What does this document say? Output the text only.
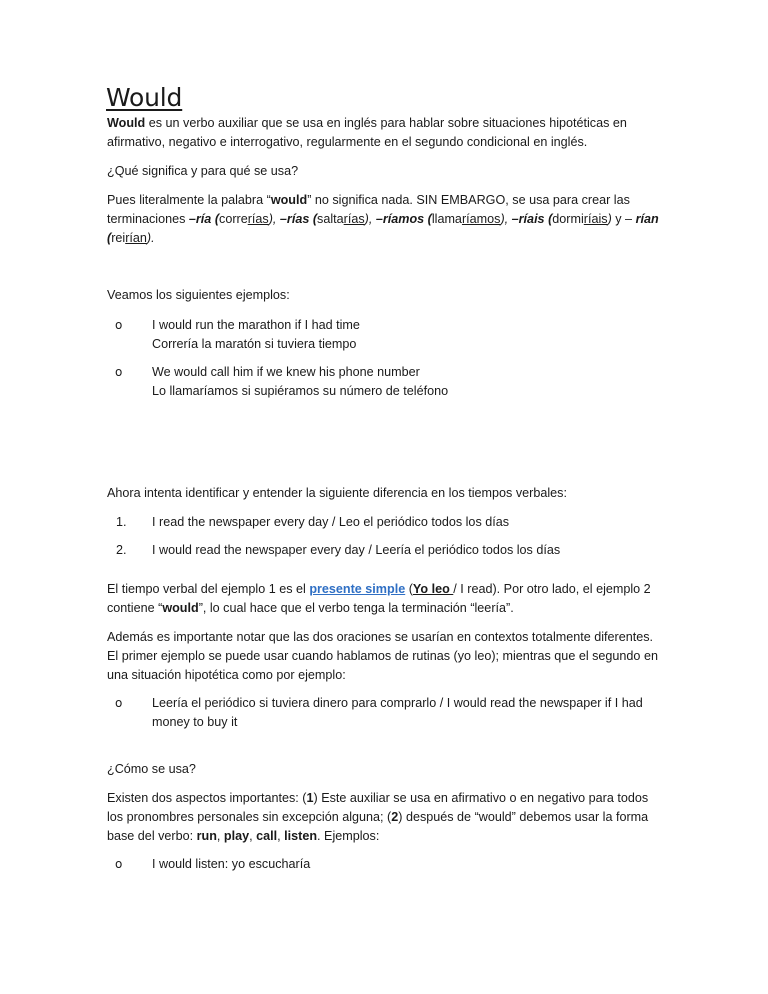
Would

Would es un verbo auxiliar que se usa en inglés para hablar sobre situaciones hipotéticas en afirmativo, negativo e interrogativo, regularmente en el segundo condicional en inglés.

¿Qué significa y para qué se usa?

Pues literalmente la palabra “would” no significa nada. SIN EMBARGO, se usa para crear las terminaciones –ría (correrías), –rías (saltarías), –ríamos (llamaríamos), –ríais (dormiríais) y – rían (reirían).

Veamos los siguientes ejemplos:

o I would run the marathon if I had time
Correría la maratón si tuviera tiempo
o We would call him if we knew his phone number
Lo llamaríamos si supiéramos su número de teléfono

Ahora intenta identificar y entender la siguiente diferencia en los tiempos verbales:

1. I read the newspaper every day / Leo el periódico todos los días
2. I would read the newspaper every day / Leería el periódico todos los días

El tiempo verbal del ejemplo 1 es el presente simple (Yo leo / I read). Por otro lado, el ejemplo 2 contiene “would”, lo cual hace que el verbo tenga la terminación “leería”.

Además es importante notar que las dos oraciones se usarían en contextos totalmente diferentes. El primer ejemplo se puede usar cuando hablamos de rutinas (yo leo); mientras que el segundo en una situación hipotética como por ejemplo:

o Leería el periódico si tuviera dinero para comprarlo / I would read the newspaper if I had money to buy it

¿Cómo se usa?

Existen dos aspectos importantes: (1) Este auxiliar se usa en afirmativo o en negativo para todos los pronombres personales sin excepción alguna; (2) después de “would” debemos usar la forma base del verbo: run, play, call, listen. Ejemplos:

o I would listen: yo escucharía
